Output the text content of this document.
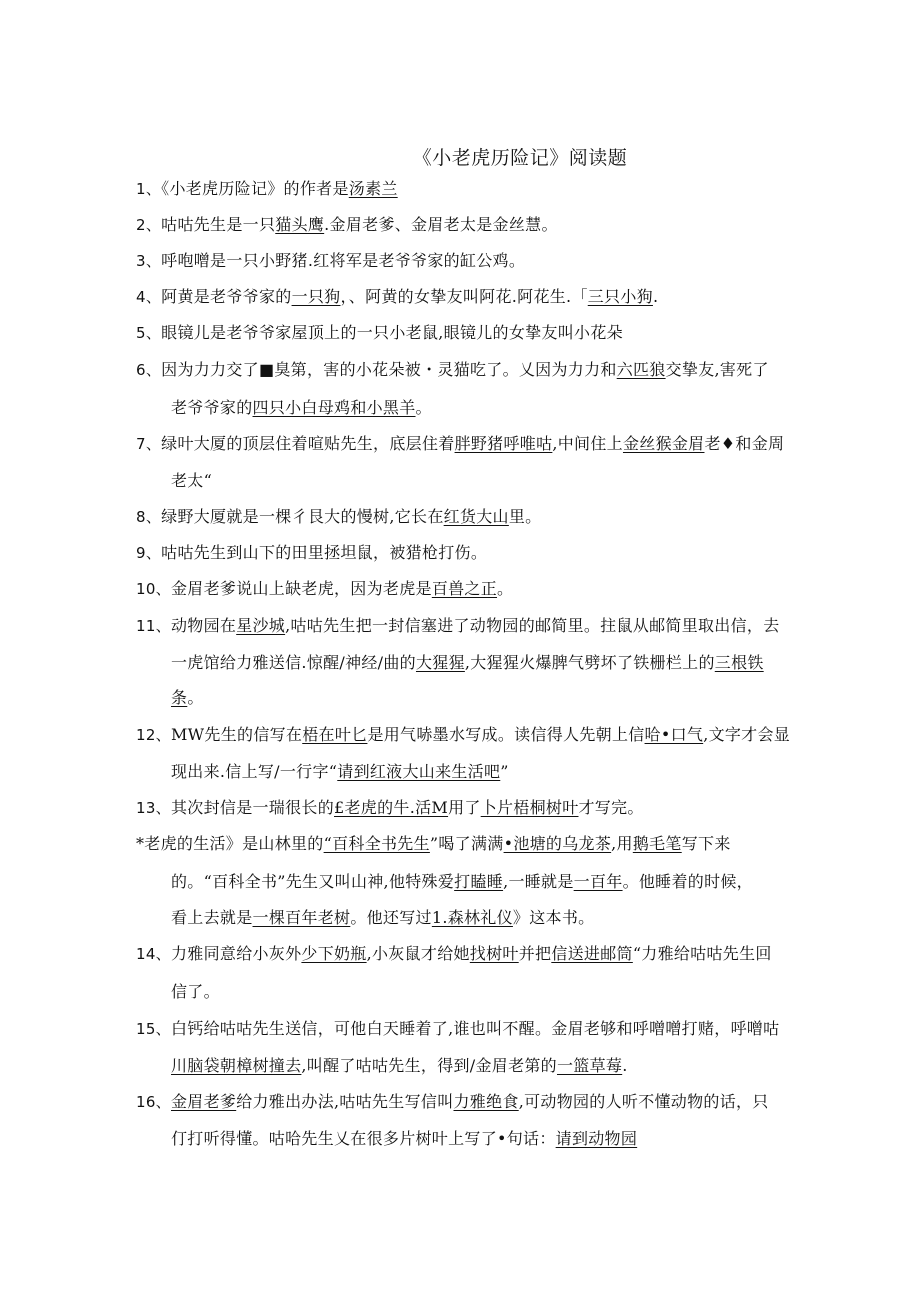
《小老虎历险记》阅读题
1、《小老虎历险记》的作者是汤素兰
2、咕咕先生是一只猫头鹰.金眉老爹、金眉老太是金丝慧。
3、呼咆噌是一只小野猪.红将军是老爷爷家的缸公鸡。
4、阿黄是老爷爷家的一只狗，、阿黄的女挚友叫阿花.阿花生.「三只小狗.
5、眼镜儿是老爷爷家屋顶上的一只小老鼠,眼镜儿的女挚友叫小花朵
6、因为力力交了■臭第，害的小花朵被・灵猫吃了。乂因为力力和六匹狼交挚友,害死了
老爷爷家的四只小白母鸡和小黑羊。
7、绿叶大厦的顶层住着喧贴先生，底层住着胖野猪呼唯咕,中间住上金丝猴金眉老♦和金周
老太“
8、绿野大厦就是一棵彳艮大的慢树,它长在红货大山里。
9、咕咕先生到山下的田里拯坦鼠，被猎枪打伤。
10、金眉老爹说山上缺老虎，因为老虎是百兽之正。
11、动物园在星沙城,咕咕先生把一封信塞进了动物园的邮简里。拄鼠从邮简里取出信，去
一虎馆给力雅送信.惊醒/神经/曲的大猩猩,大猩猩火爆脾气劈坏了铁栅栏上的三根铁
条。
12、MW先生的信写在梧在叶匕是用气哧墨水写成。读信得人先朝上信哈•口气,文字才会显
现出来.信上写/一行字“请到红液大山来生活吧”
13、其次封信是一瑞很长的£老虎的牛.活M用了卜片梧桐树叶才写完。
*老虎的生活》是山林里的“百科全书先生”喝了满满•池塘的乌龙茶,用鹅毛笔写下来
的。“百科全书”先生又叫山神,他特殊爱打瞌睡,一睡就是一百年。他睡着的时候，
看上去就是一棵百年老树。他还写过1.森林礼仪》这本书。
14、力雅同意给小灰外少下奶瓶,小灰鼠才给她找树叶并把信送进邮筒“力雅给咕咕先生回
信了。
15、白钙给咕咕先生送信，可他白天睡着了,谁也叫不醒。金眉老够和呼噌噌打赌，呼噌咕
川脑袋朝樟树撞去,叫醒了咕咕先生，得到/金眉老第的一篮草莓.
16、金眉老爹给力雅出办法,咕咕先生写信叫力雅绝食,可动物园的人听不懂动物的话，只
仃打听得懂。咕哈先生乂在很多片树叶上写了•句话：请到动物园
